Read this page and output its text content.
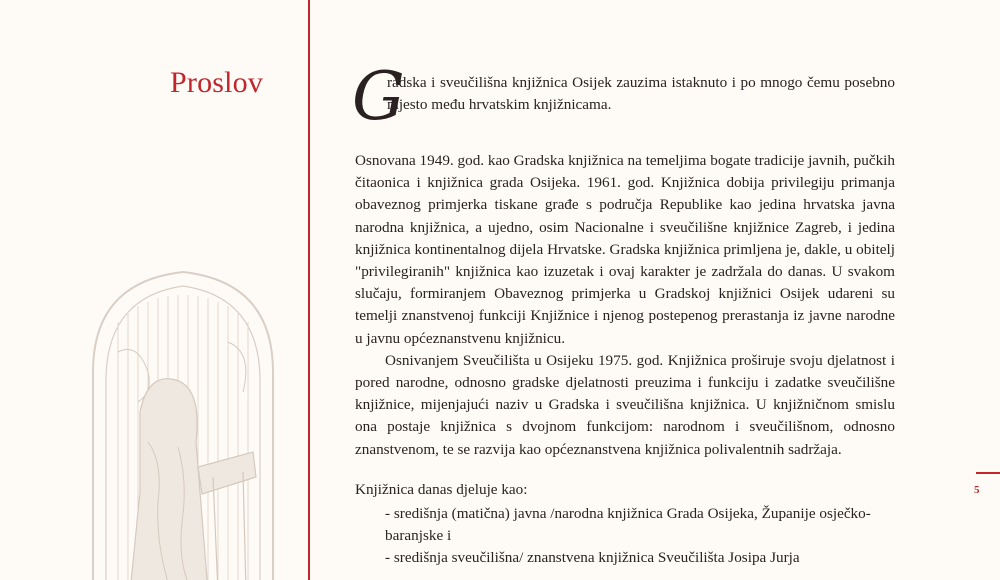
Proslov G
radska i sveučilišna knjižnica Osijek zauzima istaknuto i po mnogo čemu posebno mjesto među hrvatskim knjižnicama.

Osnovana 1949. god. kao Gradska knjižnica na temeljima bogate tradicije javnih, pučkih čitaonica i knjižnica grada Osijeka. 1961. god. Knjižnica dobija privilegiju primanja obaveznog primjerka tiskane građe s područja Republike kao jedina hrvatska javna narodna knjižnica, a ujedno, osim Nacionalne i sveučilišne knjižnice Zagreb, i jedina knjižnica kontinentalnog dijela Hrvatske. Gradska knjižnica primljena je, dakle, u obitelj "privilegiranih" knjižnica kao izuzetak i ovaj karakter je zadržala do danas. U svakom slučaju, formiranjem Obaveznog primjerka u Gradskoj knjižnici Osijek udareni su temelji znanstvenoj funkciji Knjižnice i njenog postepenog prerastanja iz javne narodne u javnu općeznanstvenu knjižnicu.

Osnivanjem Sveučilišta u Osijeku 1975. god. Knjižnica proširuje svoju djelatnost i pored narodne, odnosno gradske djelatnosti preuzima i funkciju i zadatke sveučilišne knjižnice, mijenjajući naziv u Gradska i sveučilišna knjižnica. U knjižničnom smislu ona postaje knjižnica s dvojnom funkcijom: narodnom i sveučilišnom, odnosno znanstvenom, te se razvija kao općeznanstvena knjižnica polivalentnih sadržaja.

Knjižnica danas djeluje kao:

- središnja (matična) javna /narodna knjižnica Grada Osijeka, Županije osječko-baranjske i
- središnja sveučilišna/ znanstvena knjižnica Sveučilišta Josipa Jurja
5
